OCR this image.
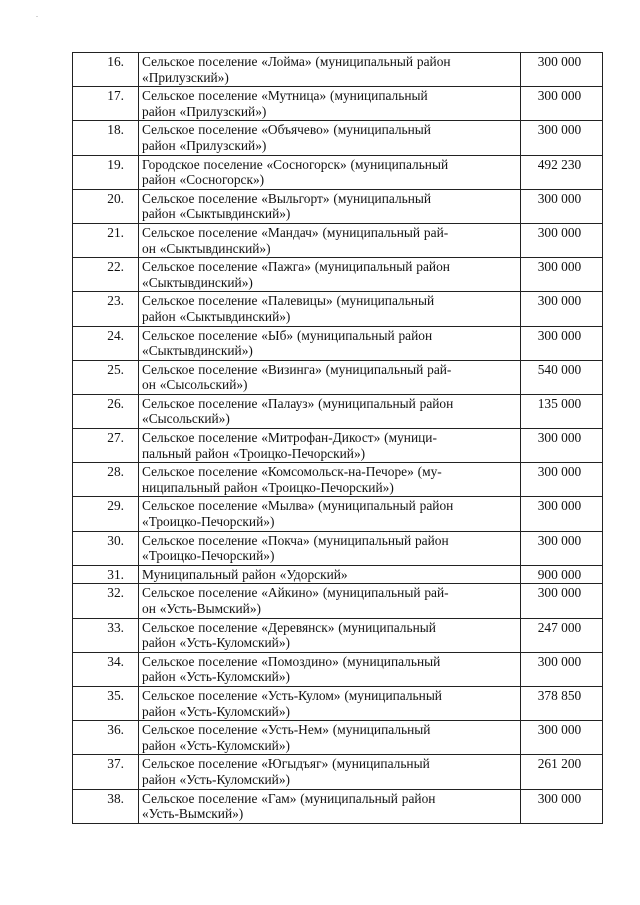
-
16.	Сельское поселение «Лойма» (муниципальный район
«Прилузский»)	300 000
17.	Сельское поселение «Мутница» (муниципальный
район «Прилузский»)	300 000
18.	Сельское поселение «Объячево» (муниципальный
район «Прилузский»)	300 000
19.	Городское поселение «Сосногорск» (муниципальный
район «Сосногорск»)	492 230
20.	Сельское поселение «Выльгорт» (муниципальный
район «Сыктывдинский»)	300 000
21.	Сельское поселение «Мандач» (муниципальный рай-
он «Сыктывдинский»)	300 000
22.	Сельское поселение «Пажга» (муниципальный район
«Сыктывдинский»)	300 000
23.	Сельское поселение «Палевицы» (муниципальный
район «Сыктывдинский»)	300 000
24.	Сельское поселение «Ыб» (муниципальный район
«Сыктывдинский»)	300 000
25.	Сельское поселение «Визинга» (муниципальный рай-
он «Сысольский»)	540 000
26.	Сельское поселение «Палауз» (муниципальный район
«Сысольский»)	135 000
27.	Сельское поселение «Митрофан-Дикост» (муници-
пальный район «Троицко-Печорский»)	300 000
28.	Сельское поселение «Комсомольск-на-Печоре» (му-
ниципальный район «Троицко-Печорский»)	300 000
29.	Сельское поселение «Мылва» (муниципальный район
«Троицко-Печорский»)	300 000
30.	Сельское поселение «Покча» (муниципальный район
«Троицко-Печорский»)	300 000
31.	Муниципальный район «Удорский»	900 000
32.	Сельское поселение «Айкино» (муниципальный рай-
он «Усть-Вымский»)	300 000
33.	Сельское поселение «Деревянск» (муниципальный
район «Усть-Куломский»)	247 000
34.	Сельское поселение «Помоздино» (муниципальный
район «Усть-Куломский»)	300 000
35.	Сельское поселение «Усть-Кулом» (муниципальный
район «Усть-Куломский»)	378 850
36.	Сельское поселение «Усть-Нем» (муниципальный
район «Усть-Куломский»)	300 000
37.	Сельское поселение «Югыдъяг» (муниципальный
район «Усть-Куломский»)	261 200
38.	Сельское поселение «Гам» (муниципальный район
«Усть-Вымский»)	300 000
